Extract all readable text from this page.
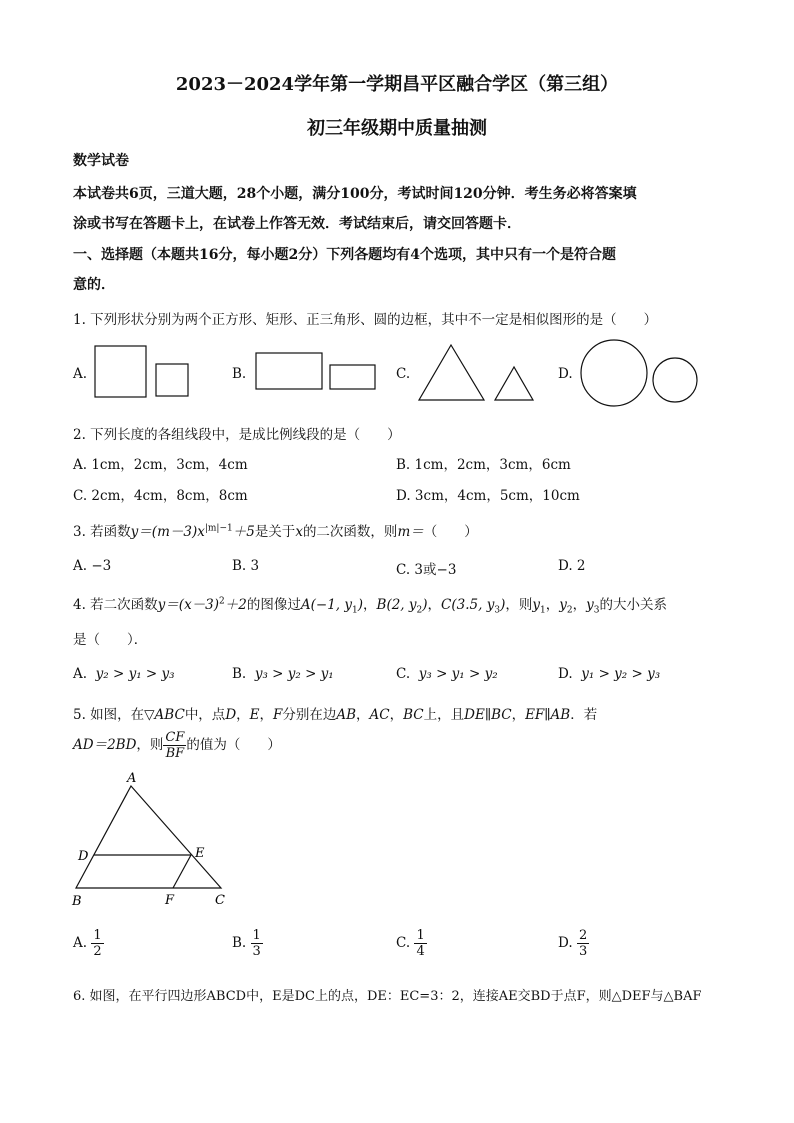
2023－2024学年第一学期昌平区融合学区（第三组）
初三年级期中质量抽测
数学试卷
本试卷共6页，三道大题，28个小题，满分100分，考试时间120分钟．考生务必将答案填
涂或书写在答题卡上，在试卷上作答无效．考试结束后，请交回答题卡．
一、选择题（本题共16分，每小题2分）下列各题均有4个选项，其中只有一个是符合题
意的．
1. 下列形状分别为两个正方形、矩形、正三角形、圆的边框，其中不一定是相似图形的是（　　）
A.	B.	C.	D.
2. 下列长度的各组线段中，是成比例线段的是（　　）
A. 1cm，2cm，3cm，4cm	B. 1cm，2cm，3cm，6cm
C. 2cm，4cm，8cm，8cm	D. 3cm，4cm，5cm，10cm
3. 若函数$y=(m-3)x^{|m|-1}+5$是关于x的二次函数，则m＝（　　）
A. −3	B. 3	C. 3或−3	D. 2
4. 若二次函数$y=(x-3)^2+2$的图像过A(−1, $y_1$)，B(2, $y_2$)，C(3.5, $y_3$)，则$y_1$，$y_2$，$y_3$的大小关系
是（　　）．
A. y₂ > y₁ > y₃	B. y₃ > y₂ > y₁	C. y₃ > y₁ > y₂	D. y₁ > y₂ > y₃
5. 如图，在▽ABC中，点D，E，F分别在边AB，AC，BC上，且DE∥BC，EF∥AB．若
AD＝2BD，则 $\frac{CF}{BF}$ 的值为（　　）
A
D	E
B	F	C
A. $\frac{1}{2}$	B. $\frac{1}{3}$	C. $\frac{1}{4}$	D. $\frac{2}{3}$
6. 如图，在平行四边形ABCD中，E是DC上的点，DE：EC=3：2，连接AE交BD于点F，则△DEF与△BAF
